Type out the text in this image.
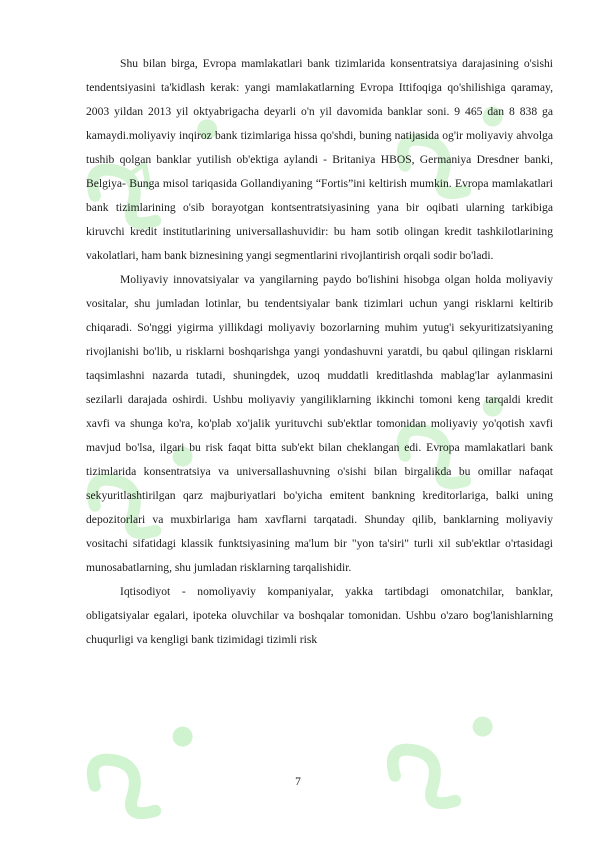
7

Shu bilan birga, Evropa mamlakatlari bank tizimlarida konsentratsiya darajasining o'sishi tendentsiyasini ta'kidlash kerak: yangi mamlakatlarning Evropa Ittifoqiga qo'shilishiga qaramay, 2003 yildan 2013 yil oktyabrigacha deyarli o'n yil davomida banklar soni. 9 465 dan 8 838 ga kamaydi.moliyaviy inqiroz bank tizimlariga hissa qo'shdi, buning natijasida og'ir moliyaviy ahvolga tushib qolgan banklar yutilish ob'ektiga aylandi - Britaniya HBOS, Germaniya Dresdner banki, Belgiya- Bunga misol tariqasida Gollandiyaning “Fortis”ini keltirish mumkin. Evropa mamlakatlari bank tizimlarining o'sib borayotgan kontsentratsiyasining yana bir oqibati ularning tarkibiga kiruvchi kredit institutlarining universallashuvidir: bu ham sotib olingan kredit tashkilotlarining vakolatlari, ham bank biznesining yangi segmentlarini rivojlantirish orqali sodir bo'ladi.

Moliyaviy innovatsiyalar va yangilarning paydo bo'lishini hisobga olgan holda moliyaviy vositalar, shu jumladan lotinlar, bu tendentsiyalar bank tizimlari uchun yangi risklarni keltirib chiqaradi. So'nggi yigirma yillikdagi moliyaviy bozorlarning muhim yutug'i sekyuritizatsiyaning rivojlanishi bo'lib, u risklarni boshqarishga yangi yondashuvni yaratdi, bu qabul qilingan risklarni taqsimlashni nazarda tutadi, shuningdek, uzoq muddatli kreditlashda mablag'lar aylanmasini sezilarli darajada oshirdi. Ushbu moliyaviy yangiliklarning ikkinchi tomoni keng tarqaldi kredit xavfi va shunga ko'ra, ko'plab xo'jalik yurituvchi sub'ektlar tomonidan moliyaviy yo'qotish xavfi mavjud bo'lsa, ilgari bu risk faqat bitta sub'ekt bilan cheklangan edi. Evropa mamlakatlari bank tizimlarida konsentratsiya va universallashuvning o'sishi bilan birgalikda bu omillar nafaqat sekyuritlashtirilgan qarz majburiyatlari bo'yicha emitent bankning kreditorlariga, balki uning depozitorlari va muxbirlariga ham xavflarni tarqatadi. Shunday qilib, banklarning moliyaviy vositachi sifatidagi klassik funktsiyasining ma'lum bir "yon ta'siri" turli xil sub'ektlar o'rtasidagi munosabatlarning, shu jumladan risklarning tarqalishidir.

Iqtisodiyot - nomoliyaviy kompaniyalar, yakka tartibdagi omonatchilar, banklar, obligatsiyalar egalari, ipoteka oluvchilar va boshqalar tomonidan. Ushbu o'zaro bog'lanishlarning chuqurligi va kengligi bank tizimidagi tizimli risk

7
